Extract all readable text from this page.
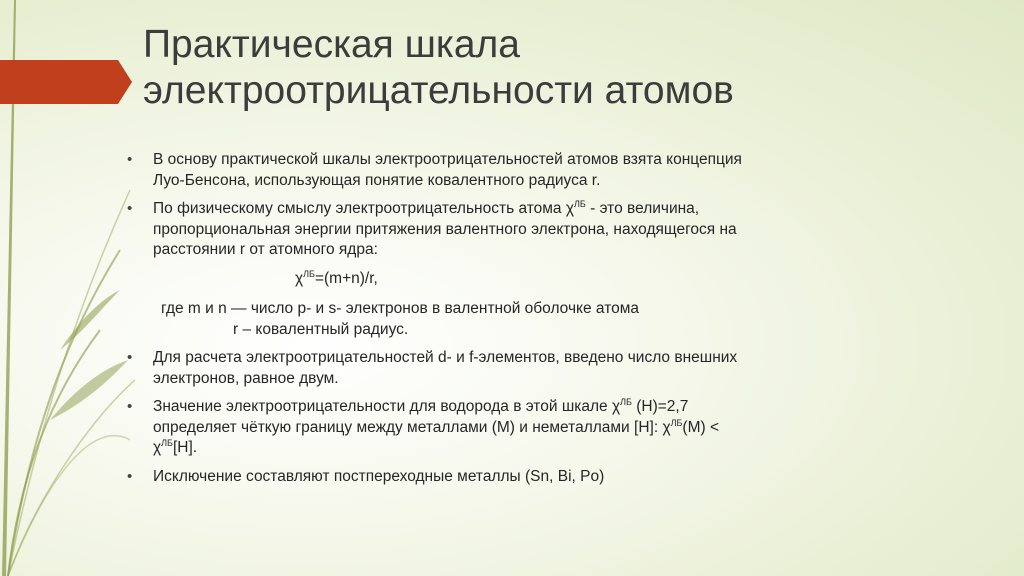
Практическая шкала
электроотрицательности атомов
• В основу практической шкалы электроотрицательностей атомов взята концепция Луо-Бенсона, использующая понятие ковалентного радиуса r.
• По физическому смыслу электроотрицательность атома $\chi^{ЛБ}$ - это величина, пропорциональная энергии притяжения валентного электрона, находящегося на расстоянии r от атомного ядра:
$\chi^{ЛБ}=(m+n)/r$,
где m и n — число p- и s- электронов в валентной оболочке атома
r – ковалентный радиус.
• Для расчета электроотрицательностей d- и f-элементов, введено число внешних электронов, равное двум.
• Значение электроотрицательности для водорода в этой шкале $\chi^{ЛБ}$ (H)=2,7 определяет чёткую границу между металлами (М) и неметаллами [Н]: $\chi^{ЛБ}(М) < \chi^{ЛБ}[Н]$.
• Исключение составляют постпереходные металлы (Sn, Bi, Po)
